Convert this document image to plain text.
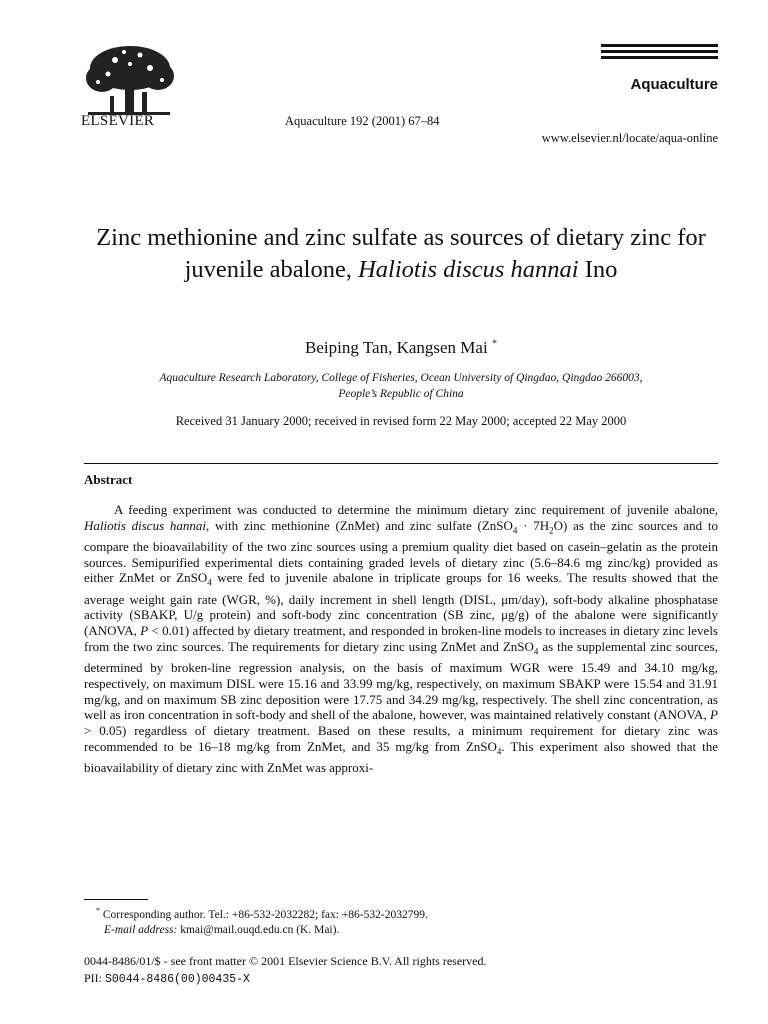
ELSEVIER	Aquaculture 192 (2001) 67–84
Aquaculture
www.elsevier.nl/locate/aqua-online
Zinc methionine and zinc sulfate as sources of dietary zinc for juvenile abalone, Haliotis discus hannai Ino
Beiping Tan, Kangsen Mai *
Aquaculture Research Laboratory, College of Fisheries, Ocean University of Qingdao, Qingdao 266003,
People’s Republic of China
Received 31 January 2000; received in revised form 22 May 2000; accepted 22 May 2000
Abstract

A feeding experiment was conducted to determine the minimum dietary zinc requirement of juvenile abalone, Haliotis discus hannai, with zinc methionine (ZnMet) and zinc sulfate (ZnSO$_4$ · $7H_2O$) as the zinc sources and to compare the bioavailability of the two zinc sources using a premium quality diet based on casein–gelatin as the protein sources. Semipurified experimental diets containing graded levels of dietary zinc (5.6–84.6 mg zinc/kg) provided as either ZnMet or ZnSO$_4$ were fed to juvenile abalone in triplicate groups for 16 weeks. The results showed that the average weight gain rate (WGR, %), daily increment in shell length (DISL, μm/day), soft-body alkaline phosphatase activity (SBAKP, U/g protein) and soft-body zinc concentration (SB zinc, μg/g) of the abalone were significantly (ANOVA, P < 0.01) affected by dietary treatment, and responded in broken-line models to increases in dietary zinc levels from the two zinc sources. The requirements for dietary zinc using ZnMet and ZnSO$_4$ as the supplemental zinc sources, determined by broken-line regression analysis, on the basis of maximum WGR were 15.49 and 34.10 mg/kg, respectively, on maximum DISL were 15.16 and 33.99 mg/kg, respectively, on maximum SBAKP were 15.54 and 31.91 mg/kg, and on maximum SB zinc deposition were 17.75 and 34.29 mg/kg, respectively. The shell zinc concentration, as well as iron concentration in soft-body and shell of the abalone, however, was maintained relatively constant (ANOVA, P > 0.05) regardless of dietary treatment. Based on these results, a minimum requirement for dietary zinc was recommended to be 16–18 mg/kg from ZnMet, and 35 mg/kg from ZnSO$_4$. This experiment also showed that the bioavailability of dietary zinc with ZnMet was approxi-

* Corresponding author. Tel.: +86-532-2032282; fax: +86-532-2032799.
E-mail address: kmai@mail.ouqd.edu.cn (K. Mai).
0044-8486/01/$ - see front matter © 2001 Elsevier Science B.V. All rights reserved.
PII: S0044-8486(00)00435-X
